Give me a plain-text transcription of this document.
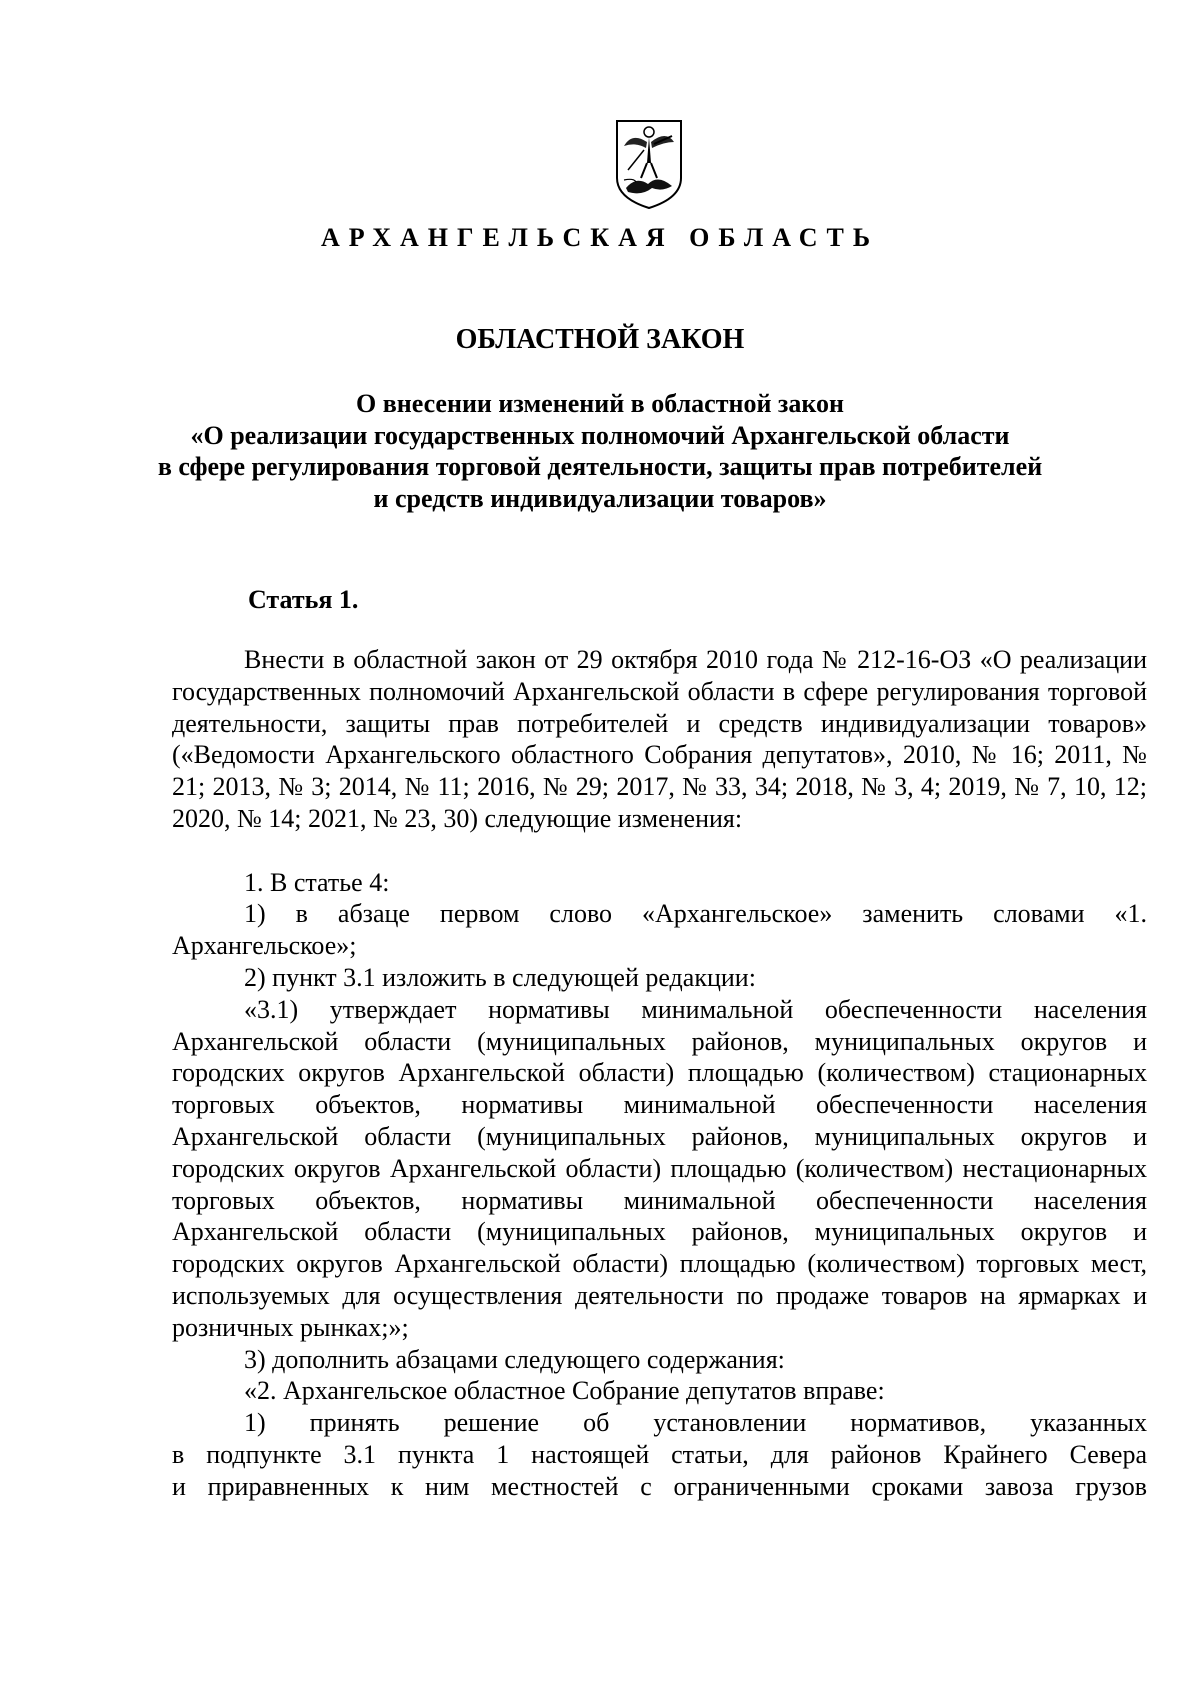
АРХАНГЕЛЬСКАЯ ОБЛАСТЬ
ОБЛАСТНОЙ ЗАКОН
О внесении изменений в областной закон
«О реализации государственных полномочий Архангельской области
в сфере регулирования торговой деятельности, защиты прав потребителей
и средств индивидуализации товаров»
Статья 1.

Внести в областной закон от 29 октября 2010 года № 212-16-ОЗ «О реализации государственных полномочий Архангельской области в сфере регулирования торговой деятельности, защиты прав потребителей и средств индивидуализации товаров» («Ведомости Архангельского областного Собрания депутатов», 2010, № 16; 2011, № 21; 2013, № 3; 2014, № 11; 2016, № 29; 2017, № 33, 34; 2018, № 3, 4; 2019, № 7, 10, 12; 2020, № 14; 2021, № 23, 30) следующие изменения:

1. В статье 4:

1) в абзаце первом слово «Архангельское» заменить словами «1. Архангельское»;

2) пункт 3.1 изложить в следующей редакции:

«3.1) утверждает нормативы минимальной обеспеченности населения Архангельской области (муниципальных районов, муниципальных округов и городских округов Архангельской области) площадью (количеством) стационарных торговых объектов, нормативы минимальной обеспеченности населения Архангельской области (муниципальных районов, муниципальных округов и городских округов Архангельской области) площадью (количеством) нестационарных торговых объектов, нормативы минимальной обеспеченности населения Архангельской области (муниципальных районов, муниципальных округов и городских округов Архангельской области) площадью (количеством) торговых мест, используемых для осуществления деятельности по продаже товаров на ярмарках и розничных рынках;»;

3) дополнить абзацами следующего содержания:

«2. Архангельское областное Собрание депутатов вправе:

1) принять решение об установлении нормативов, указанных
в подпункте 3.1 пункта 1 настоящей статьи, для районов Крайнего Севера
и приравненных к ним местностей с ограниченными сроками завоза грузов
